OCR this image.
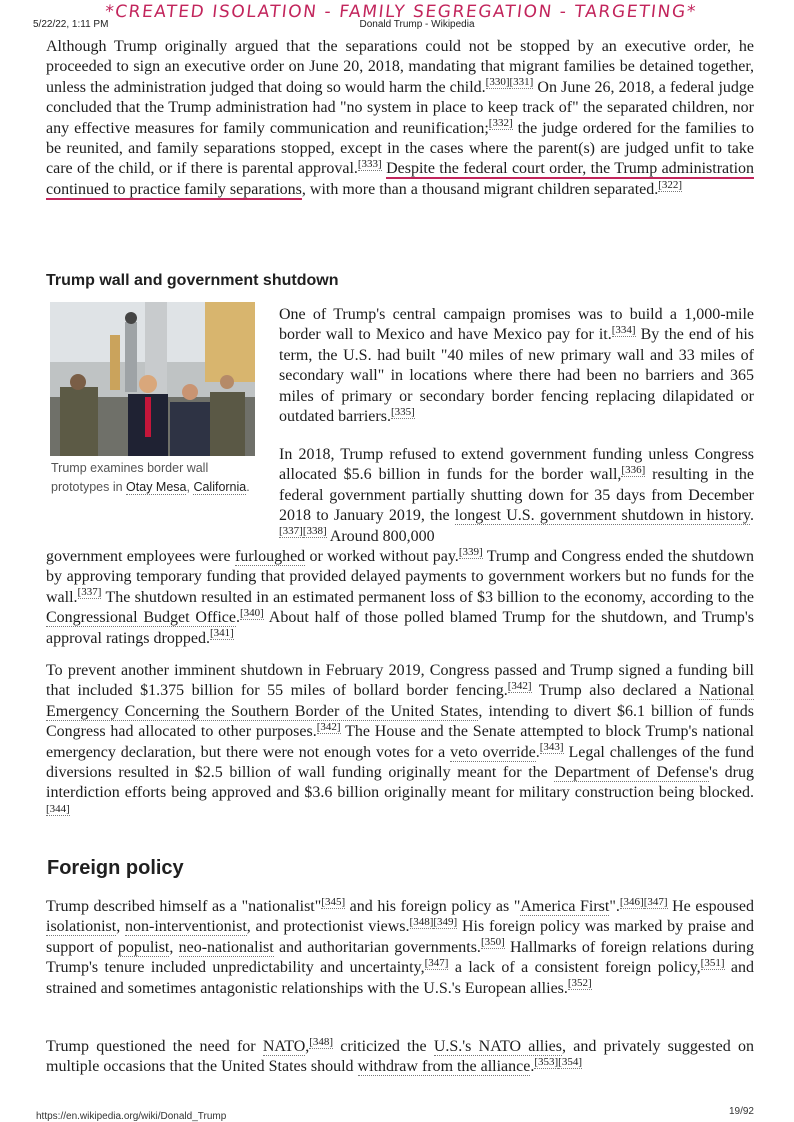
5/22/22, 1:11 PM	Donald Trump - Wikipedia
*CREATED ISOLATION - FAMILY SEGREGATION - TARGETING*

Although Trump originally argued that the separations could not be stopped by an executive order, he proceeded to sign an executive order on June 20, 2018, mandating that migrant families be detained together, unless the administration judged that doing so would harm the child.[330][331] On June 26, 2018, a federal judge concluded that the Trump administration had "no system in place to keep track of" the separated children, nor any effective measures for family communication and reunification;[332] the judge ordered for the families to be reunited, and family separations stopped, except in the cases where the parent(s) are judged unfit to take care of the child, or if there is parental approval.[333] Despite the federal court order, the Trump administration continued to practice family separations, with more than a thousand migrant children separated.[322]

Trump wall and government shutdown
Trump examines border wall prototypes in Otay Mesa, California.

One of Trump's central campaign promises was to build a 1,000-mile border wall to Mexico and have Mexico pay for it.[334] By the end of his term, the U.S. had built "40 miles of new primary wall and 33 miles of secondary wall" in locations where there had been no barriers and 365 miles of primary or secondary border fencing replacing dilapidated or outdated barriers.[335]

In 2018, Trump refused to extend government funding unless Congress allocated $5.6 billion in funds for the border wall,[336] resulting in the federal government partially shutting down for 35 days from December 2018 to January 2019, the longest U.S. government shutdown in history.[337][338] Around 800,000

government employees were furloughed or worked without pay.[339] Trump and Congress ended the shutdown by approving temporary funding that provided delayed payments to government workers but no funds for the wall.[337] The shutdown resulted in an estimated permanent loss of $3 billion to the economy, according to the Congressional Budget Office.[340] About half of those polled blamed Trump for the shutdown, and Trump's approval ratings dropped.[341]

To prevent another imminent shutdown in February 2019, Congress passed and Trump signed a funding bill that included $1.375 billion for 55 miles of bollard border fencing.[342] Trump also declared a National Emergency Concerning the Southern Border of the United States, intending to divert $6.1 billion of funds Congress had allocated to other purposes.[342] The House and the Senate attempted to block Trump's national emergency declaration, but there were not enough votes for a veto override.[343] Legal challenges of the fund diversions resulted in $2.5 billion of wall funding originally meant for the Department of Defense's drug interdiction efforts being approved and $3.6 billion originally meant for military construction being blocked.[344]

Foreign policy

Trump described himself as a "nationalist"[345] and his foreign policy as "America First".[346][347] He espoused isolationist, non-interventionist, and protectionist views.[348][349] His foreign policy was marked by praise and support of populist, neo-nationalist and authoritarian governments.[350] Hallmarks of foreign relations during Trump's tenure included unpredictability and uncertainty,[347] a lack of a consistent foreign policy,[351] and strained and sometimes antagonistic relationships with the U.S.'s European allies.[352]

Trump questioned the need for NATO,[348] criticized the U.S.'s NATO allies, and privately suggested on multiple occasions that the United States should withdraw from the alliance.[353][354]

https://en.wikipedia.org/wiki/Donald_Trump	19/92
